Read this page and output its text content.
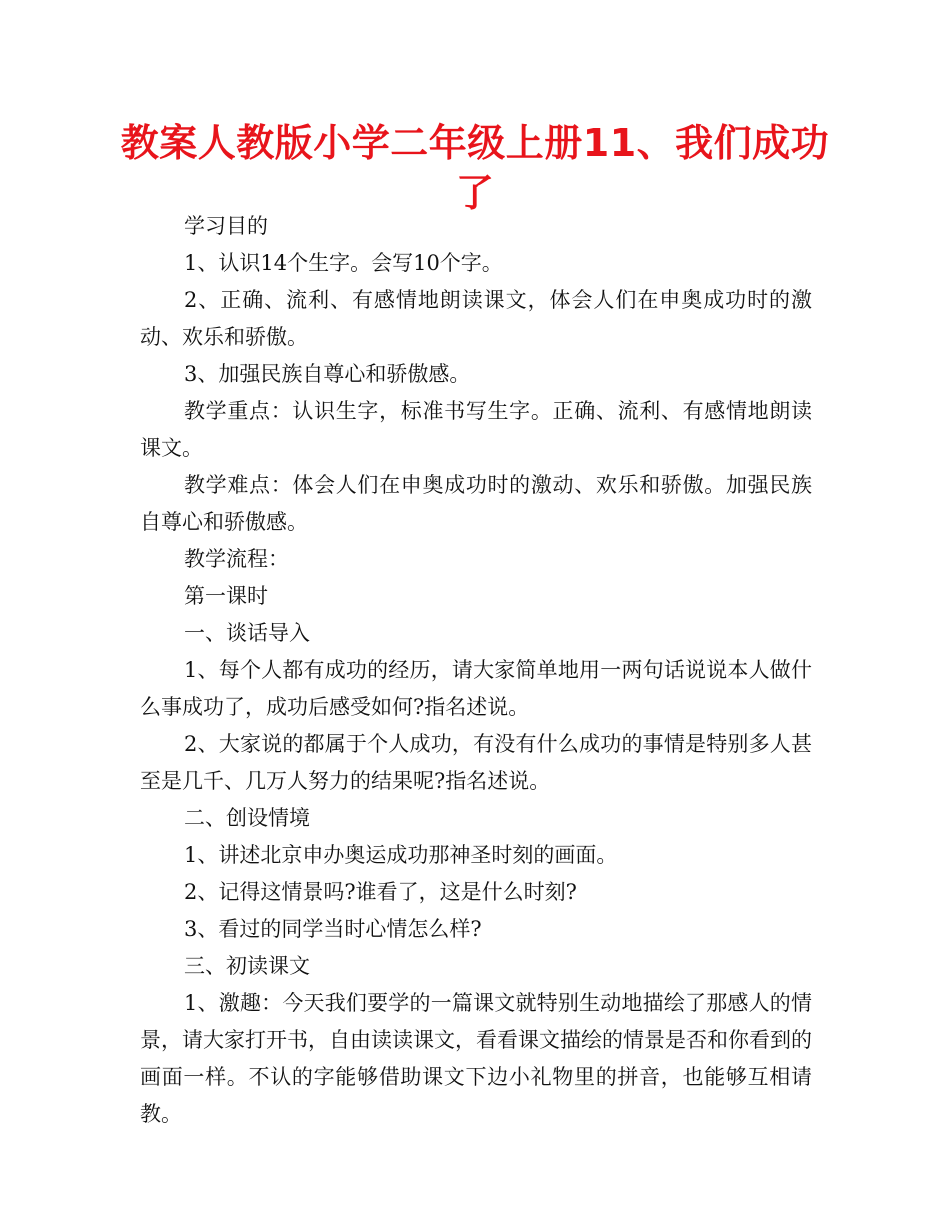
教案人教版小学二年级上册11、我们成功了

学习目的

1、认识14个生字。会写10个字。

2、正确、流利、有感情地朗读课文，体会人们在申奥成功时的激动、欢乐和骄傲。

3、加强民族自尊心和骄傲感。

教学重点：认识生字，标准书写生字。正确、流利、有感情地朗读课文。

教学难点：体会人们在申奥成功时的激动、欢乐和骄傲。加强民族自尊心和骄傲感。

教学流程：

第一课时

一、谈话导入

1、每个人都有成功的经历，请大家简单地用一两句话说说本人做什么事成功了，成功后感受如何?指名述说。

2、大家说的都属于个人成功，有没有什么成功的事情是特别多人甚至是几千、几万人努力的结果呢?指名述说。

二、创设情境

1、讲述北京申办奥运成功那神圣时刻的画面。

2、记得这情景吗?谁看了，这是什么时刻?

3、看过的同学当时心情怎么样?

三、初读课文

1、激趣：今天我们要学的一篇课文就特别生动地描绘了那感人的情景，请大家打开书，自由读读课文，看看课文描绘的情景是否和你看到的画面一样。不认的字能够借助课文下边小礼物里的拼音，也能够互相请教。
